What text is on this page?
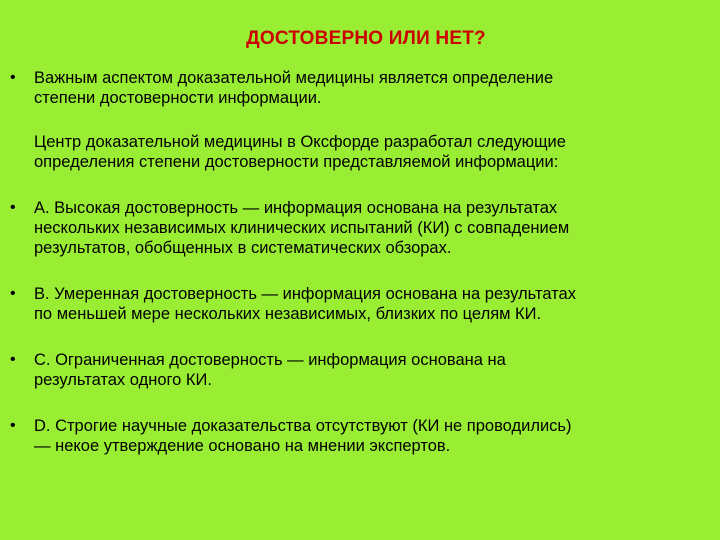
ДОСТОВЕРНО ИЛИ НЕТ?
•	Важным аспектом доказательной медицины является определение
степени достоверности информации.
Центр доказательной медицины в Оксфорде разработал следующие
определения степени достоверности представляемой информации:
•	А. Высокая достоверность — информация основана на результатах
нескольких независимых клинических испытаний (КИ) с совпадением
результатов, обобщенных в систематических обзорах.
•	В. Умеренная достоверность — информация основана на результатах
по меньшей мере нескольких независимых, близких по целям КИ.
•	С. Ограниченная достоверность — информация основана на
результатах одного КИ.
•	D. Строгие научные доказательства отсутствуют (КИ не проводились)
— некое утверждение основано на мнении экспертов.
